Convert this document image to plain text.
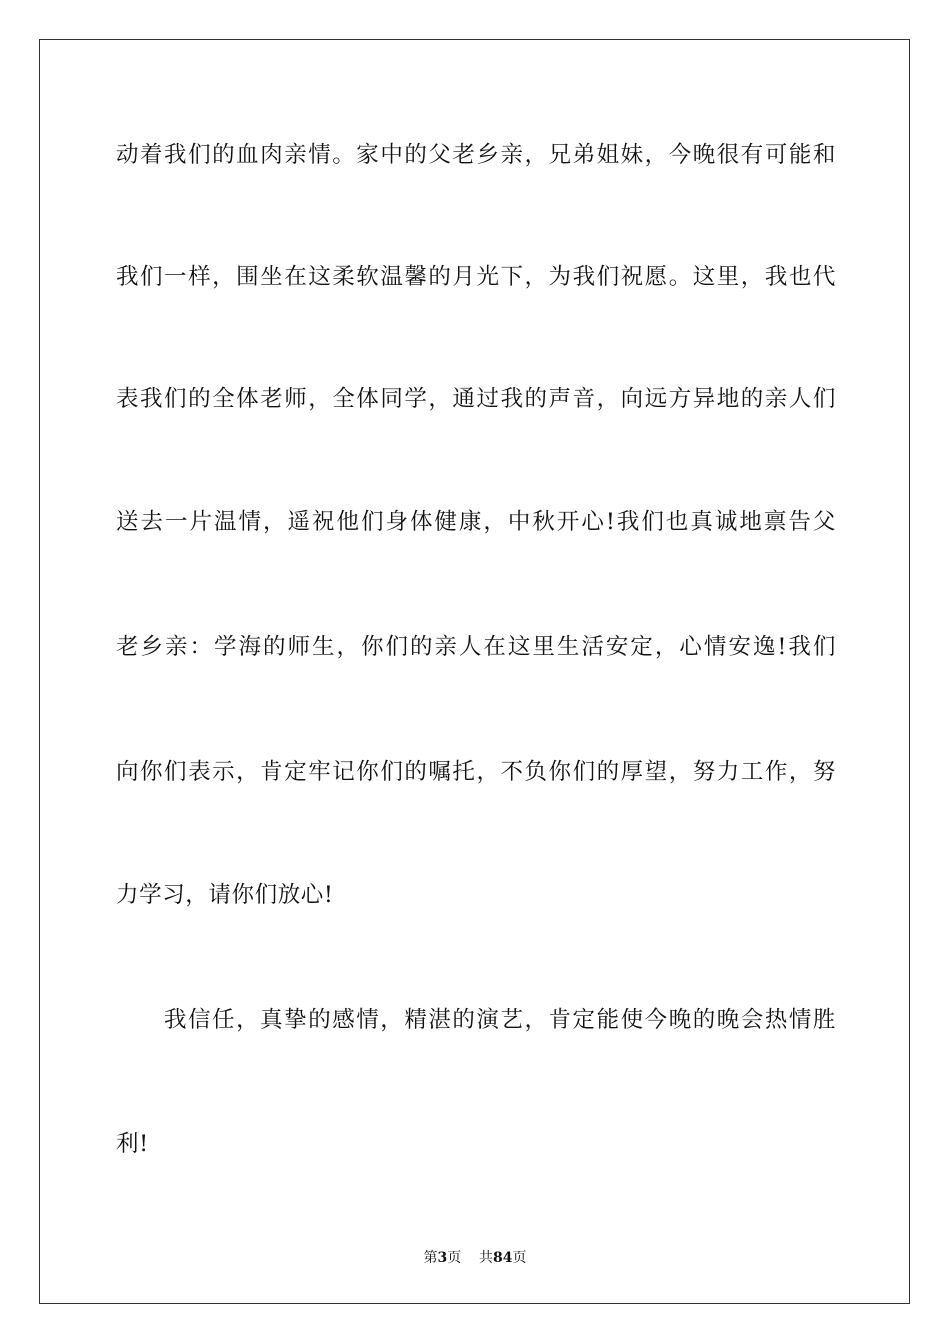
动着我们的血肉亲情。家中的父老乡亲，兄弟姐妹，今晚很有可能和
我们一样，围坐在这柔软温馨的月光下，为我们祝愿。这里，我也代
表我们的全体老师，全体同学，通过我的声音，向远方异地的亲人们
送去一片温情，遥祝他们身体健康，中秋开心!我们也真诚地禀告父
老乡亲：学海的师生，你们的亲人在这里生活安定，心情安逸!我们
向你们表示，肯定牢记你们的嘱托，不负你们的厚望，努力工作，努
力学习，请你们放心!
我信任，真挚的感情，精湛的演艺，肯定能使今晚的晚会热情胜
利!
第3页 共84页
